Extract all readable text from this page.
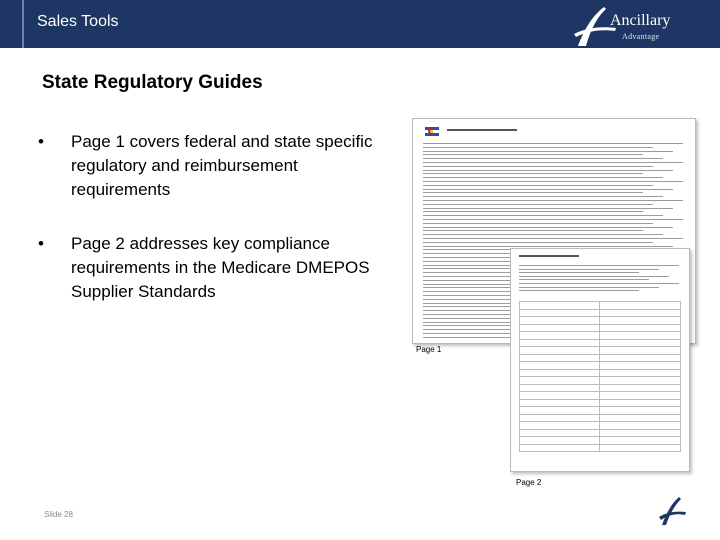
Sales Tools	Ancillary
Advantage
State Regulatory Guides
• Page 1 covers federal and state specific regulatory and reimbursement requirements
• Page 2 addresses key compliance requirements in the Medicare DMEPOS Supplier Standards
Page 1
Page 2
Slide 28
